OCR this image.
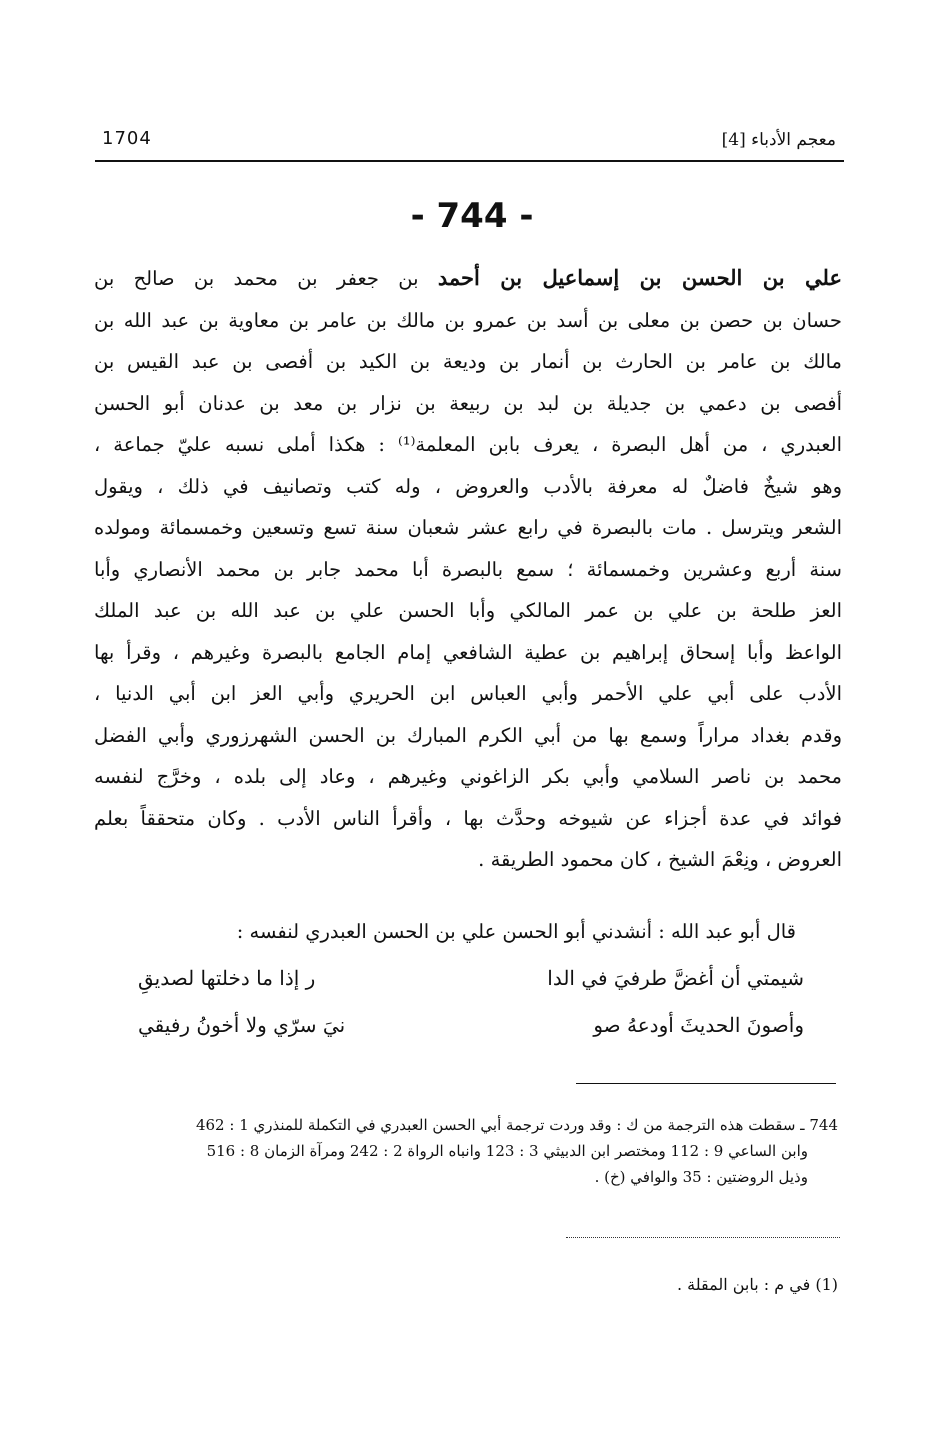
معجم الأدباء [4]
1704
- 744 -
علي بن الحسن بن إسماعيل بن أحمد بن جعفر بن محمد بن صالح بن
حسان بن حصن بن معلى بن أسد بن عمرو بن مالك بن عامر بن معاوية بن عبد الله بن
مالك بن عامر بن الحارث بن أنمار بن وديعة بن الكيد بن أفصى بن عبد القيس بن
أفصى بن دعمي بن جديلة بن لبد بن ربيعة بن نزار بن معد بن عدنان أبو الحسن
العبدري ، من أهل البصرة ، يعرف بابن المعلمة⁽¹⁾ : هكذا أملى نسبه عليّ جماعة ،
وهو شيخٌ فاضلٌ له معرفة بالأدب والعروض ، وله كتب وتصانيف في ذلك ، ويقول
الشعر ويترسل . مات بالبصرة في رابع عشر شعبان سنة تسع وتسعين وخمسمائة ومولده
سنة أربع وعشرين وخمسمائة ؛ سمع بالبصرة أبا محمد جابر بن محمد الأنصاري وأبا
العز طلحة بن علي بن عمر المالكي وأبا الحسن علي بن عبد الله بن عبد الملك
الواعظ وأبا إسحاق إبراهيم بن عطية الشافعي إمام الجامع بالبصرة وغيرهم ، وقرأ بها
الأدب على أبي علي الأحمر وأبي العباس ابن الحريري وأبي العز ابن أبي الدنيا ،
وقدم بغداد مراراً وسمع بها من أبي الكرم المبارك بن الحسن الشهرزوري وأبي الفضل
محمد بن ناصر السلامي وأبي بكر الزاغوني وغيرهم ، وعاد إلى بلده ، وخرَّج لنفسه
فوائد في عدة أجزاء عن شيوخه وحدَّث بها ، وأقرأ الناس الأدب . وكان متحققاً بعلم
العروض ، ونِعْمَ الشيخ ، كان محمود الطريقة .
قال أبو عبد الله : أنشدني أبو الحسن علي بن الحسن العبدري لنفسه :
شيمتي أن أغضَّ طرفيَ في الدا
ر إذا ما دخلتها لصديقِ
وأصونَ الحديثَ أودعهُ صو
نيَ سرّي ولا أخونُ رفيقي
744 ـ سقطت هذه الترجمة من ك : وقد وردت ترجمة أبي الحسن العبدري في التكملة للمنذري 1 : 462
وابن الساعي 9 : 112 ومختصر ابن الدبيثي 3 : 123 وانباه الرواة 2 : 242 ومرآة الزمان 8 : 516
وذيل الروضتين : 35 والوافي (خ) .
(1) في م : بابن المقلة .
